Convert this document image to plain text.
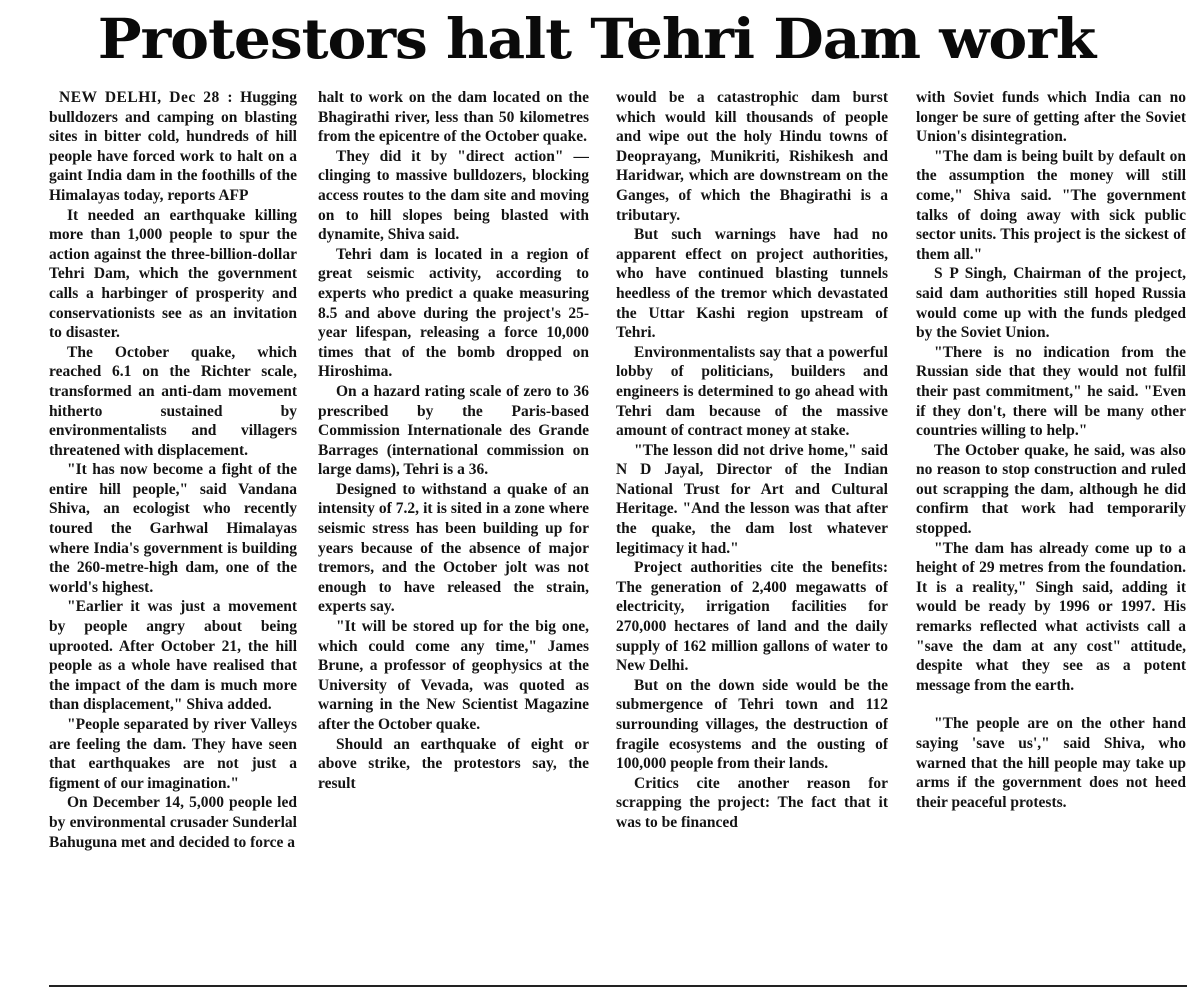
Protestors halt Tehri Dam work

NEW DELHI, Dec 28 : Hugging bulldozers and camping on blasting sites in bitter cold, hundreds of hill people have forced work to halt on a gaint India dam in the foothills of the Himalayas today, reports AFP

It needed an earthquake killing more than 1,000 people to spur the action against the three-billion-dollar Tehri Dam, which the government calls a harbinger of prosperity and conservationists see as an invitation to disaster.

The October quake, which reached 6.1 on the Richter scale, transformed an anti-dam movement hitherto sustained by environmentalists and villagers threatened with displacement.

"It has now become a fight of the entire hill people," said Vandana Shiva, an ecologist who recently toured the Garhwal Himalayas where India's government is building the 260-metre-high dam, one of the world's highest.

"Earlier it was just a movement by people angry about being uprooted. After October 21, the hill people as a whole have realised that the impact of the dam is much more than displacement," Shiva added.

"People separated by river Valleys are feeling the dam. They have seen that earthquakes are not just a figment of our imagination."

On December 14, 5,000 people led by environmental crusader Sunderlal Bahuguna met and decided to force a

halt to work on the dam located on the Bhagirathi river, less than 50 kilometres from the epicentre of the October quake.

They did it by "direct action" — clinging to massive bulldozers, blocking access routes to the dam site and moving on to hill slopes being blasted with dynamite, Shiva said.

Tehri dam is located in a region of great seismic activity, according to experts who predict a quake measuring 8.5 and above during the project's 25-year lifespan, releasing a force 10,000 times that of the bomb dropped on Hiroshima.

On a hazard rating scale of zero to 36 prescribed by the Paris-based Commission Internationale des Grande Barrages (international commission on large dams), Tehri is a 36.

Designed to withstand a quake of an intensity of 7.2, it is sited in a zone where seismic stress has been building up for years because of the absence of major tremors, and the October jolt was not enough to have released the strain, experts say.

"It will be stored up for the big one, which could come any time," James Brune, a professor of geophysics at the University of Vevada, was quoted as warning in the New Scientist Magazine after the October quake.

Should an earthquake of eight or above strike, the protestors say, the result

would be a catastrophic dam burst which would kill thousands of people and wipe out the holy Hindu towns of Deoprayang, Munikriti, Rishikesh and Haridwar, which are downstream on the Ganges, of which the Bhagirathi is a tributary.

But such warnings have had no apparent effect on project authorities, who have continued blasting tunnels heedless of the tremor which devastated the Uttar Kashi region upstream of Tehri.

Environmentalists say that a powerful lobby of politicians, builders and engineers is determined to go ahead with Tehri dam because of the massive amount of contract money at stake.

"The lesson did not drive home," said N D Jayal, Director of the Indian National Trust for Art and Cultural Heritage. "And the lesson was that after the quake, the dam lost whatever legitimacy it had."

Project authorities cite the benefits: The generation of 2,400 megawatts of electricity, irrigation facilities for 270,000 hectares of land and the daily supply of 162 million gallons of water to New Delhi.

But on the down side would be the submergence of Tehri town and 112 surrounding villages, the destruction of fragile ecosystems and the ousting of 100,000 people from their lands.

Critics cite another reason for scrapping the project: The fact that it was to be financed

with Soviet funds which India can no longer be sure of getting after the Soviet Union's disintegration.

"The dam is being built by default on the assumption the money will still come," Shiva said. "The government talks of doing away with sick public sector units. This project is the sickest of them all."

S P Singh, Chairman of the project, said dam authorities still hoped Russia would come up with the funds pledged by the Soviet Union.

"There is no indication from the Russian side that they would not fulfil their past commitment," he said. "Even if they don't, there will be many other countries willing to help."

The October quake, he said, was also no reason to stop construction and ruled out scrapping the dam, although he did confirm that work had temporarily stopped.

"The dam has already come up to a height of 29 metres from the foundation. It is a reality," Singh said, adding it would be ready by 1996 or 1997. His remarks reflected what activists call a "save the dam at any cost" attitude, despite what they see as a potent message from the earth.

"The people are on the other hand saying 'save us'," said Shiva, who warned that the hill people may take up arms if the government does not heed their peaceful protests.
